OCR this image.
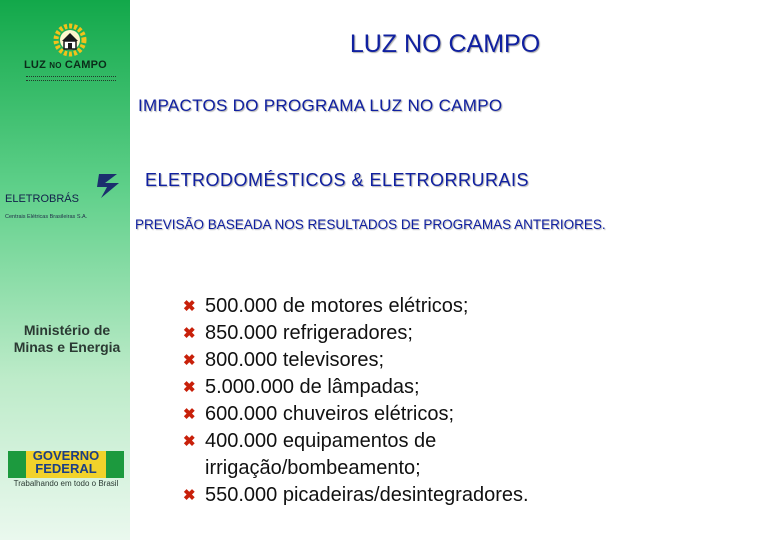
LUZ NO CAMPO
ELETROBRÁS
Centrais Elétricas Brasileiras S.A.
Ministério de
Minas e Energia
GOVERNO
FEDERAL
Trabalhando em todo o Brasil
LUZ NO CAMPO
IMPACTOS DO PROGRAMA LUZ NO CAMPO
ELETRODOMÉSTICOS & ELETRORRURAIS
PREVISÃO BASEADA NOS RESULTADOS DE PROGRAMAS ANTERIORES.
✖ 500.000 de motores elétricos;
✖ 850.000 refrigeradores;
✖ 800.000 televisores;
✖ 5.000.000 de lâmpadas;
✖ 600.000 chuveiros elétricos;
✖ 400.000 equipamentos de irrigação/bombeamento;
✖ 550.000 picadeiras/desintegradores.
